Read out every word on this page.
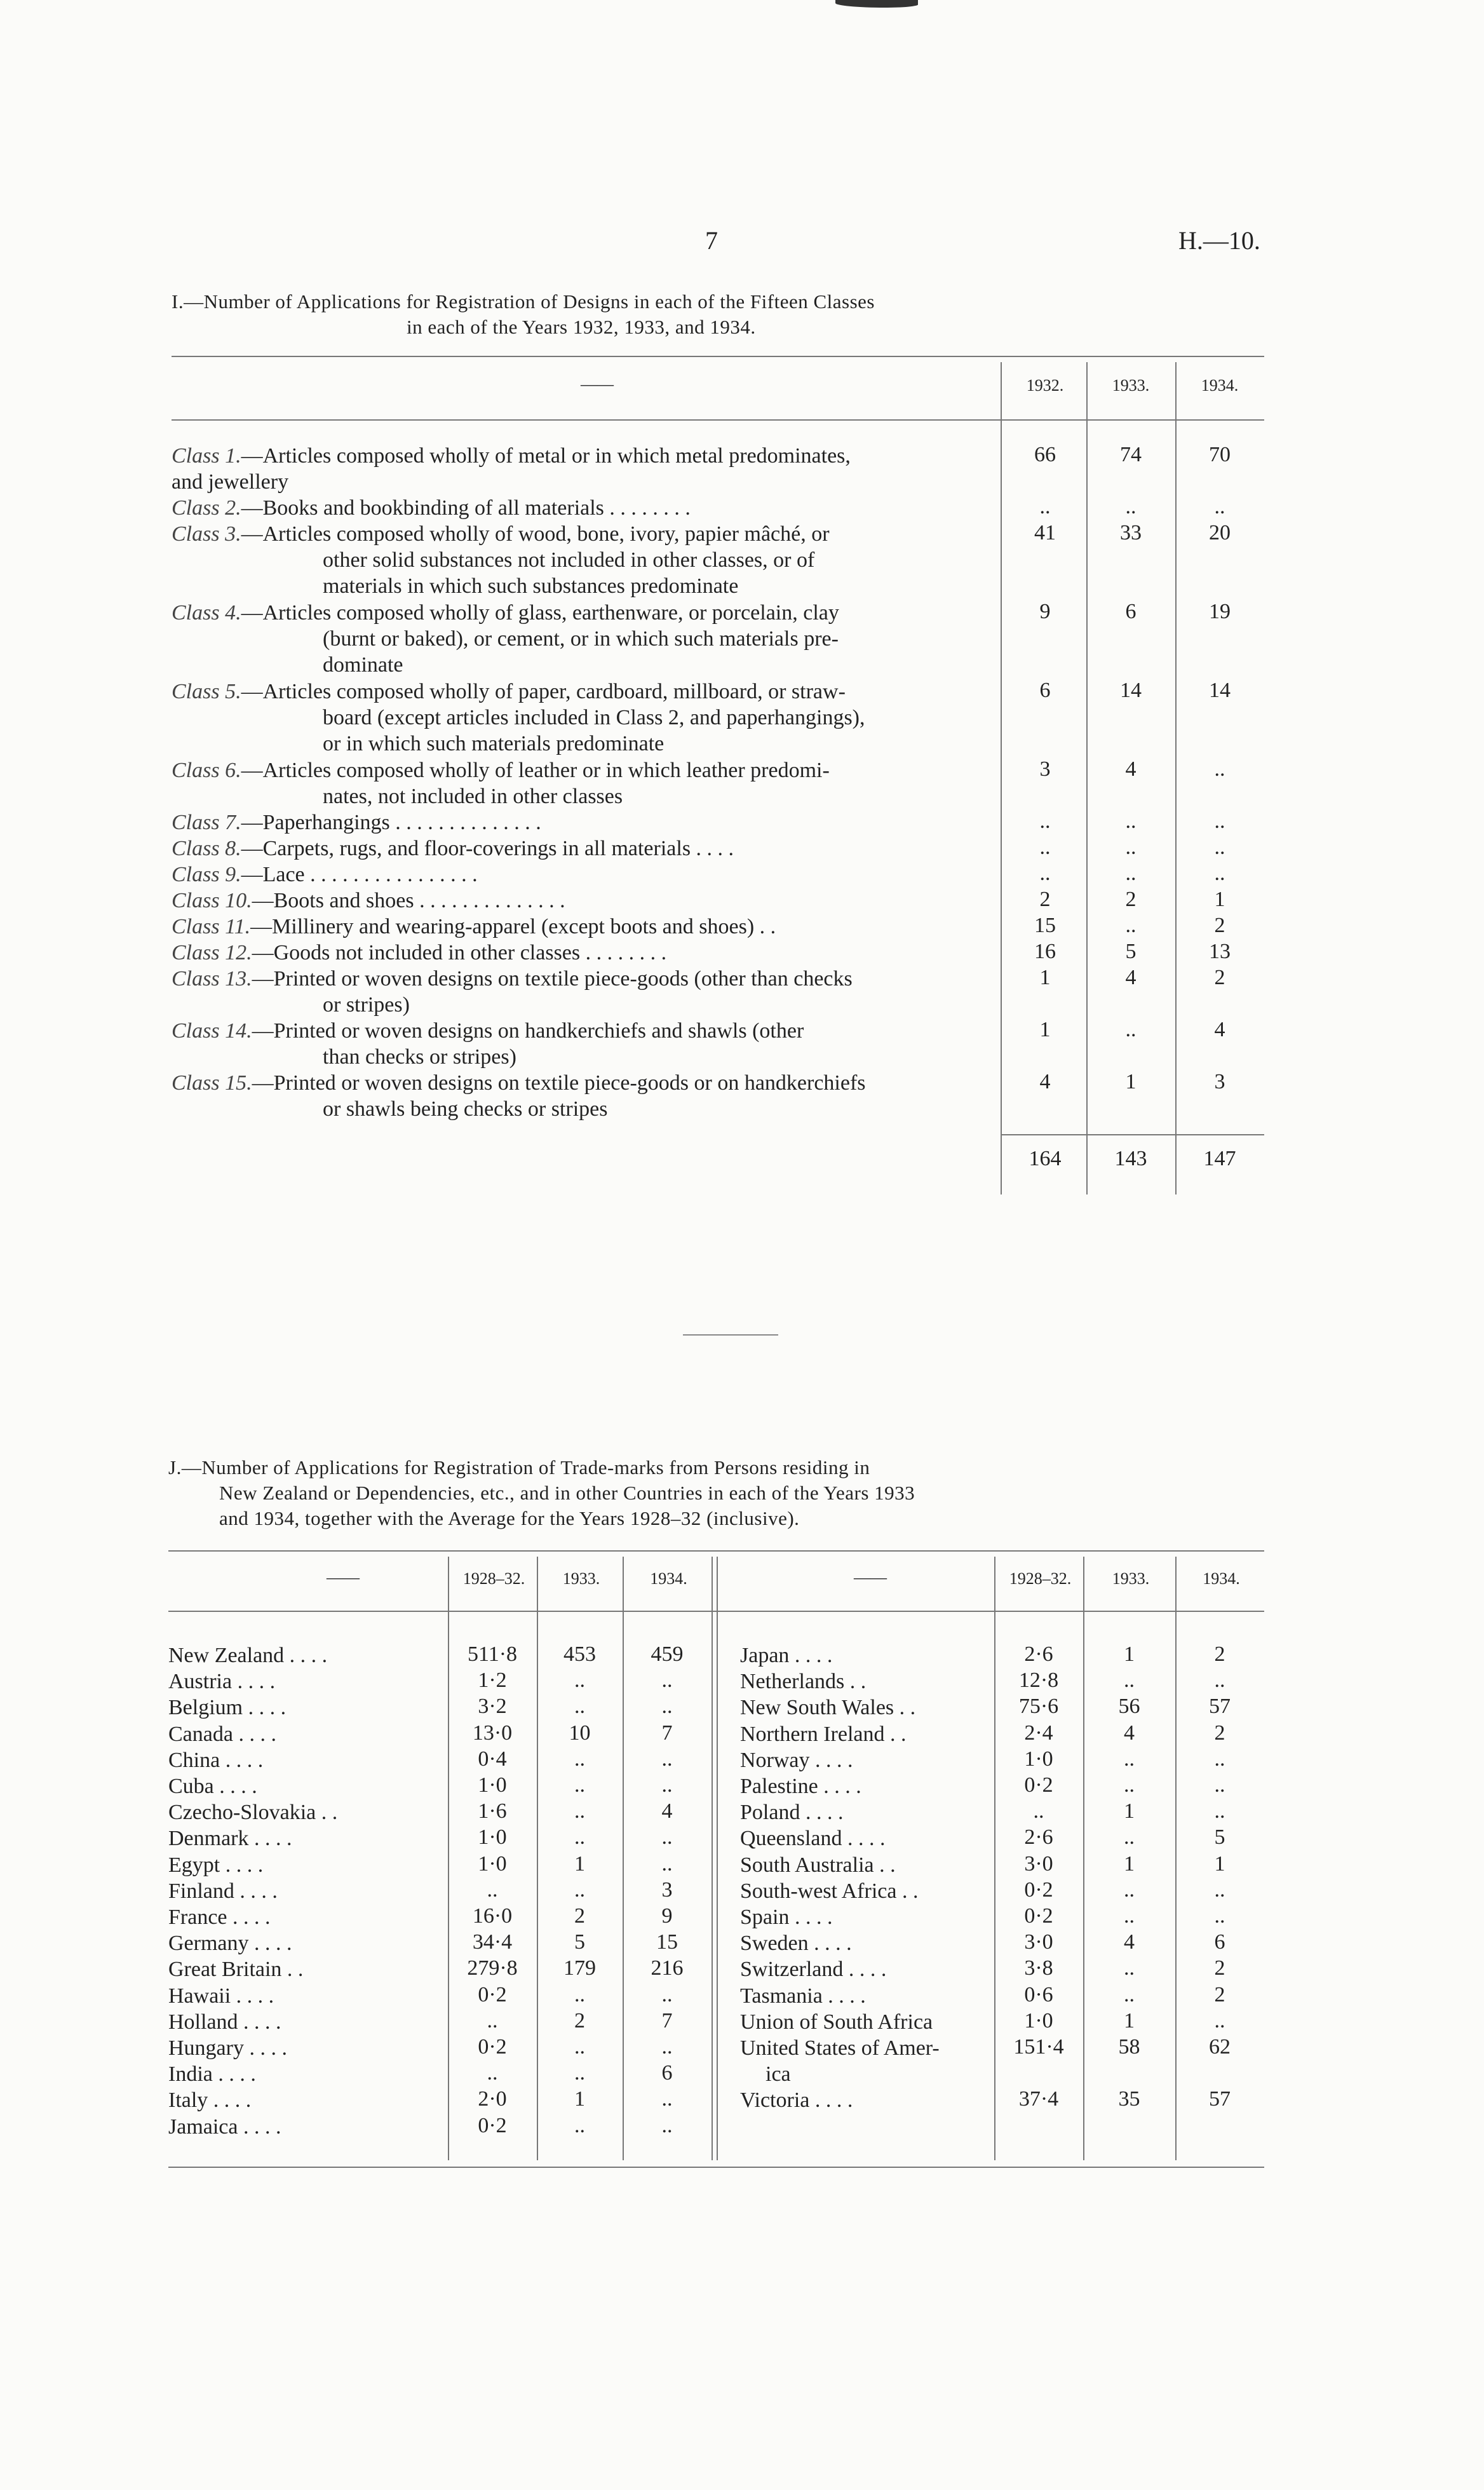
7	H.—10.
I.—Number of Applications for Registration of Designs in each of the Fifteen Classes
in each of the Years 1932, 1933, and 1934.
——	1932.	1933.	1934.
Class 1.—Articles composed wholly of metal or in which metal predominates,
and jewellery
66	74	70
Class 2.—Books and bookbinding of all materials . . . . . . . .	..	..	..
Class 3.—Articles composed wholly of wood, bone, ivory, papier mâché, or
other solid substances not included in other classes, or of
materials in which such substances predominate
41	33	20
Class 4.—Articles composed wholly of glass, earthenware, or porcelain, clay
(burnt or baked), or cement, or in which such materials pre-
dominate
9	6	19
Class 5.—Articles composed wholly of paper, cardboard, millboard, or straw-
board (except articles included in Class 2, and paperhangings),
or in which such materials predominate
6	14	14
Class 6.—Articles composed wholly of leather or in which leather predomi-
nates, not included in other classes
3	4	..
Class 7.—Paperhangings . . . . . . . . . . . . . .	..	..	..
Class 8.—Carpets, rugs, and floor-coverings in all materials . . . .	..	..	..
Class 9.—Lace . . . . . . . . . . . . . . . .	..	..	..
Class 10.—Boots and shoes . . . . . . . . . . . . . .	2	2	1
Class 11.—Millinery and wearing-apparel (except boots and shoes) . .	15	..	2
Class 12.—Goods not included in other classes . . . . . . . .	16	5	13
Class 13.—Printed or woven designs on textile piece-goods (other than checks
or stripes)
1	4	2
Class 14.—Printed or woven designs on handkerchiefs and shawls (other
than checks or stripes)
1	..	4
Class 15.—Printed or woven designs on textile piece-goods or on handkerchiefs
or shawls being checks or stripes
4	1	3
164	143	147
J.—Number of Applications for Registration of Trade-marks from Persons residing in
New Zealand or Dependencies, etc., and in other Countries in each of the Years 1933
and 1934, together with the Average for the Years 1928–32 (inclusive).
——	1928–32.	1933.	1934.	——	1928–32.	1933.	1934.
New Zealand . . . .	511·8	453	459
Austria . . . .	1·2	..	..
Belgium . . . .	3·2	..	..
Canada . . . .	13·0	10	7
China . . . .	0·4	..	..
Cuba . . . .	1·0	..	..
Czecho-Slovakia . .	1·6	..	4
Denmark . . . .	1·0	..	..
Egypt . . . .	1·0	1	..
Finland . . . .	..	..	3
France . . . .	16·0	2	9
Germany . . . .	34·4	5	15
Great Britain . .	279·8	179	216
Hawaii . . . .	0·2	..	..
Holland . . . .	..	2	7
Hungary . . . .	0·2	..	..
India . . . .	..	..	6
Italy . . . .	2·0	1	..
Jamaica . . . .	0·2	..	..
Japan . . . .	2·6	1	2
Netherlands . .	12·8	..	..
New South Wales . .	75·6	56	57
Northern Ireland . .	2·4	4	2
Norway . . . .	1·0	..	..
Palestine . . . .	0·2	..	..
Poland . . . .	..	1	..
Queensland . . . .	2·6	..	5
South Australia . .	3·0	1	1
South-west Africa . .	0·2	..	..
Spain . . . .	0·2	..	..
Sweden . . . .	3·0	4	6
Switzerland . . . .	3·8	..	2
Tasmania . . . .	0·6	..	2
Union of South Africa	1·0	1	..
United States of Amer-
ica
151·4	58	62
Victoria . . . .	37·4	35	57
